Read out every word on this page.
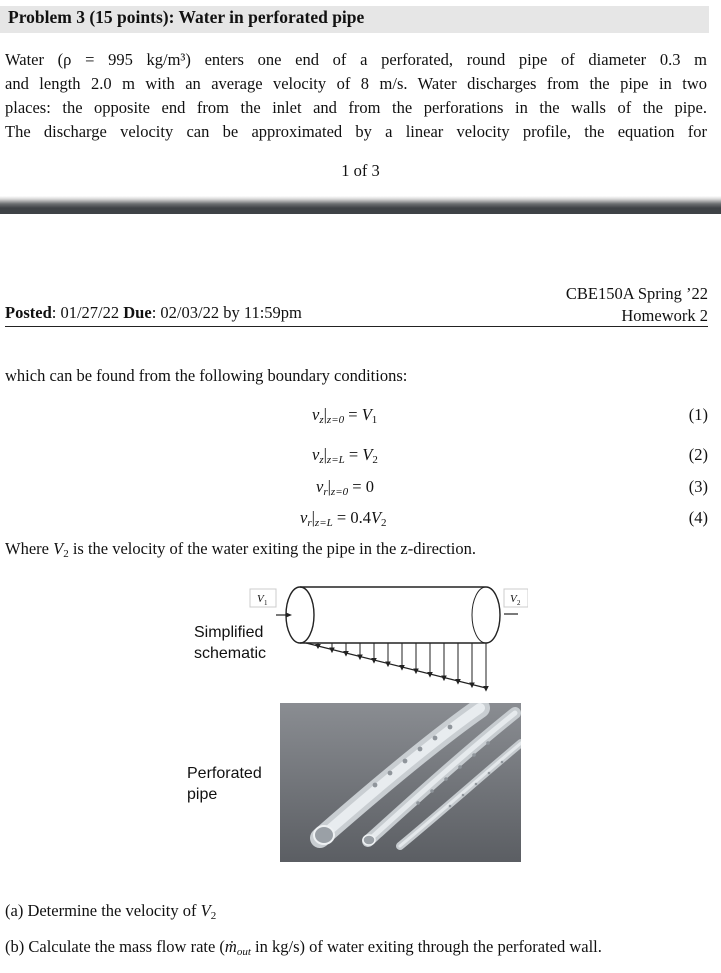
Problem 3 (15 points): Water in perforated pipe
Water (ρ = 995 kg/m³) enters one end of a perforated, round pipe of diameter 0.3 m
and length 2.0 m with an average velocity of 8 m/s. Water discharges from the pipe in two
places: the opposite end from the inlet and from the perforations in the walls of the pipe.
The discharge velocity can be approximated by a linear velocity profile, the equation for
1 of 3
CBE150A Spring ’22
Homework 2
Posted: 01/27/22 Due: 02/03/22 by 11:59pm
which can be found from the following boundary conditions:
$v_z|_{z=0} = V_1$	(1)
$v_z|_{z=L} = V_2$	(2)
$v_r|_{z=0} = 0$	(3)
$v_r|_{z=L} = 0.4V_2$	(4)
Where $V_2$ is the velocity of the water exiting the pipe in the z-direction.
Simplified
schematic
V 1	V 2
Perforated
pipe
(a) Determine the velocity of $V_2$
(b) Calculate the mass flow rate (ṁ$_{out}$ in kg/s) of water exiting through the perforated wall.
